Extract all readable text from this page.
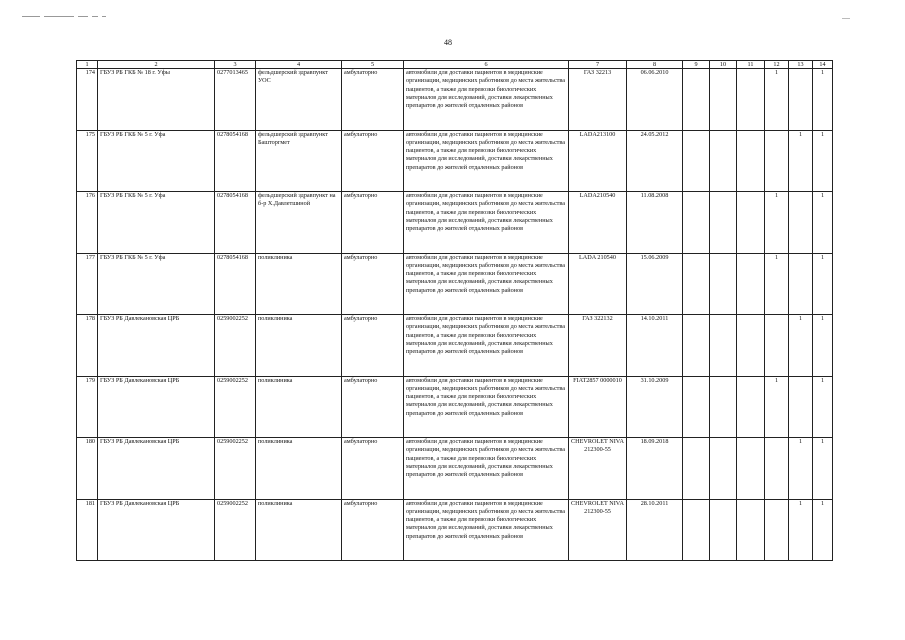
48
1	2	3	4	5	6	7	8	9	10	11	12	13	14
174	ГБУЗ РБ ГКБ № 18 г. Уфы	0277013465	фельдшерский здравпункт УОС	амбулаторно	автомобили для доставки пациентов в медицинские организации, медицинских работников до места жительства пациентов, а также для перевозки биологических материалов для исследований, доставки лекарственных препаратов до жителей отдаленных районов	ГАЗ 32213	06.06.2010				1		1
175	ГБУЗ РБ ГКБ № 5 г. Уфа	0278054168	фельдшерский здравпункт Башторгмет	амбулаторно	автомобили для доставки пациентов в медицинские организации, медицинских работников до места жительства пациентов, а также для перевозки биологических материалов для исследований, доставки лекарственных препаратов до жителей отдаленных районов	LADA213100	24.05.2012					1	1
176	ГБУЗ РБ ГКБ № 5 г. Уфа	0278054168	фельдшерский здравпункт на б-р Х.Давлетшиной	амбулаторно	автомобили для доставки пациентов в медицинские организации, медицинских работников до места жительства пациентов, а также для перевозки биологических материалов для исследований, доставки лекарственных препаратов до жителей отдаленных районов	LADA210540	11.08.2008				1		1
177	ГБУЗ РБ ГКБ № 5 г. Уфа	0278054168	поликлиника	амбулаторно	автомобили для доставки пациентов в медицинские организации, медицинских работников до места жительства пациентов, а также для перевозки биологических материалов для исследований, доставки лекарственных препаратов до жителей отдаленных районов	LADA 210540	15.06.2009				1		1
178	ГБУЗ РБ Давлекановская ЦРБ	0259002252	поликлиника	амбулаторно	автомобили для доставки пациентов в медицинские организации, медицинских работников до места жительства пациентов, а также для перевозки биологических материалов для исследований, доставки лекарственных препаратов до жителей отдаленных районов	ГАЗ 322132	14.10.2011					1	1
179	ГБУЗ РБ Давлекановская ЦРБ	0259002252	поликлиника	амбулаторно	автомобили для доставки пациентов в медицинские организации, медицинских работников до места жительства пациентов, а также для перевозки биологических материалов для исследований, доставки лекарственных препаратов до жителей отдаленных районов	FIAT2857 0000010	31.10.2009				1		1
180	ГБУЗ РБ Давлекановская ЦРБ	0259002252	поликлиника	амбулаторно	автомобили для доставки пациентов в медицинские организации, медицинских работников до места жительства пациентов, а также для перевозки биологических материалов для исследований, доставки лекарственных препаратов до жителей отдаленных районов	CHEVROLET NIVA 212300-55	18.09.2018					1	1
181	ГБУЗ РБ Давлекановская ЦРБ	0259002252	поликлиника	амбулаторно	автомобили для доставки пациентов в медицинские организации, медицинских работников до места жительства пациентов, а также для перевозки биологических материалов для исследований, доставки лекарственных препаратов до жителей отдаленных районов	CHEVROLET NIVA 212300-55	28.10.2011					1	1
